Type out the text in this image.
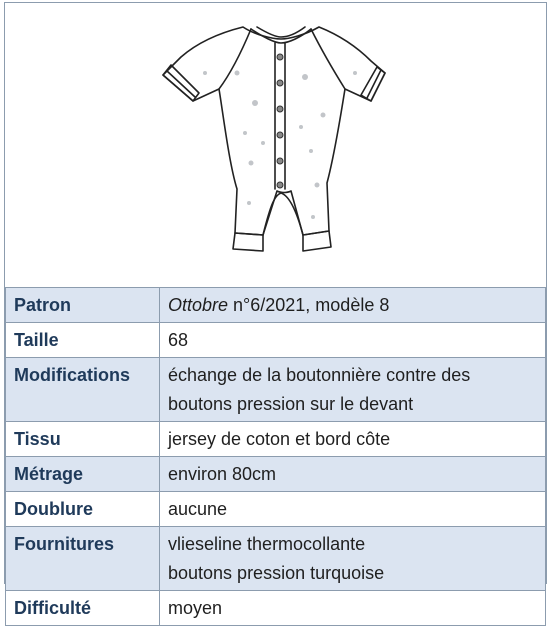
Patron	Ottobre n°6/2021, modèle 8
Taille	68
Modifications	échange de la boutonnière contre des
boutons pression sur le devant

Tissu	jersey de coton et bord côte
Métrage	environ 80cm
Doublure	aucune
Fournitures	vlieseline thermocollante
boutons pression turquoise

Difficulté	moyen
